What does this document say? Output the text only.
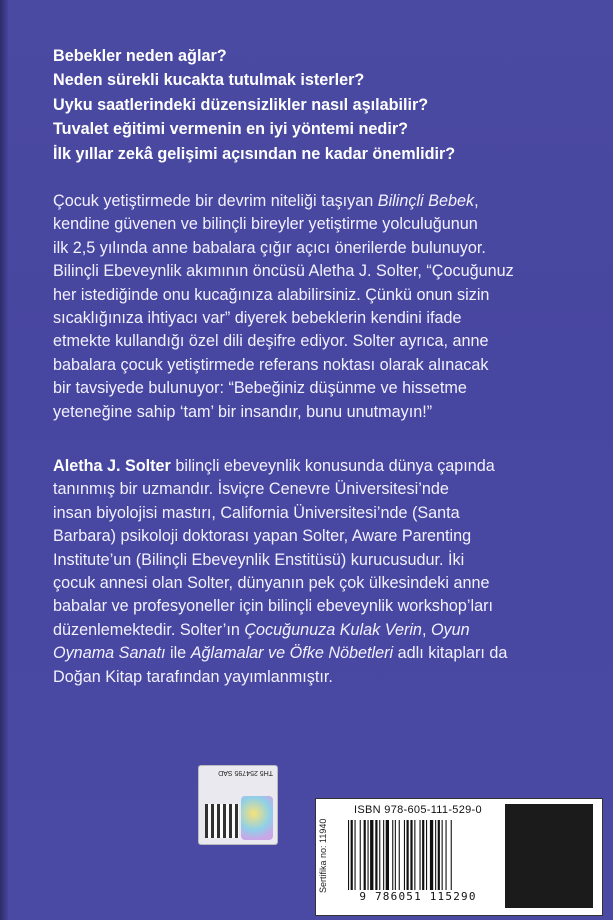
Bebekler neden ağlar?
Neden sürekli kucakta tutulmak isterler?
Uyku saatlerindeki düzensizlikler nasıl aşılabilir?
Tuvalet eğitimi vermenin en iyi yöntemi nedir?
İlk yıllar zekâ gelişimi açısından ne kadar önemlidir?
Çocuk yetiştirmede bir devrim niteliği taşıyan Bilinçli Bebek,
kendine güvenen ve bilinçli bireyler yetiştirme yolculuğunun
ilk 2,5 yılında anne babalara çığır açıcı önerilerde bulunuyor.
Bilinçli Ebeveynlik akımının öncüsü Aletha J. Solter, “Çocuğunuz
her istediğinde onu kucağınıza alabilirsiniz. Çünkü onun sizin
sıcaklığınıza ihtiyacı var” diyerek bebeklerin kendini ifade
etmekte kullandığı özel dili deşifre ediyor. Solter ayrıca, anne
babalara çocuk yetiştirmede referans noktası olarak alınacak
bir tavsiyede bulunuyor: “Bebeğiniz düşünme ve hissetme
yeteneğine sahip ‘tam’ bir insandır, bunu unutmayın!”
Aletha J. Solter bilinçli ebeveynlik konusunda dünya çapında
tanınmış bir uzmandır. İsviçre Cenevre Üniversitesi’nde
insan biyolojisi mastırı, California Üniversitesi’nde (Santa
Barbara) psikoloji doktorası yapan Solter, Aware Parenting
Institute’un (Bilinçli Ebeveynlik Enstitüsü) kurucusudur. İki
çocuk annesi olan Solter, dünyanın pek çok ülkesindeki anne
babalar ve profesyoneller için bilinçli ebeveynlik workshop’ları
düzenlemektedir. Solter’ın Çocuğunuza Kulak Verin, Oyun
Oynama Sanatı ile Ağlamalar ve Öfke Nöbetleri adlı kitapları da
Doğan Kitap tarafından yayımlanmıştır.
TH5 254795 SAD
Sertifika no: 11940
ISBN 978-605-111-529-0
9 786051 115290
